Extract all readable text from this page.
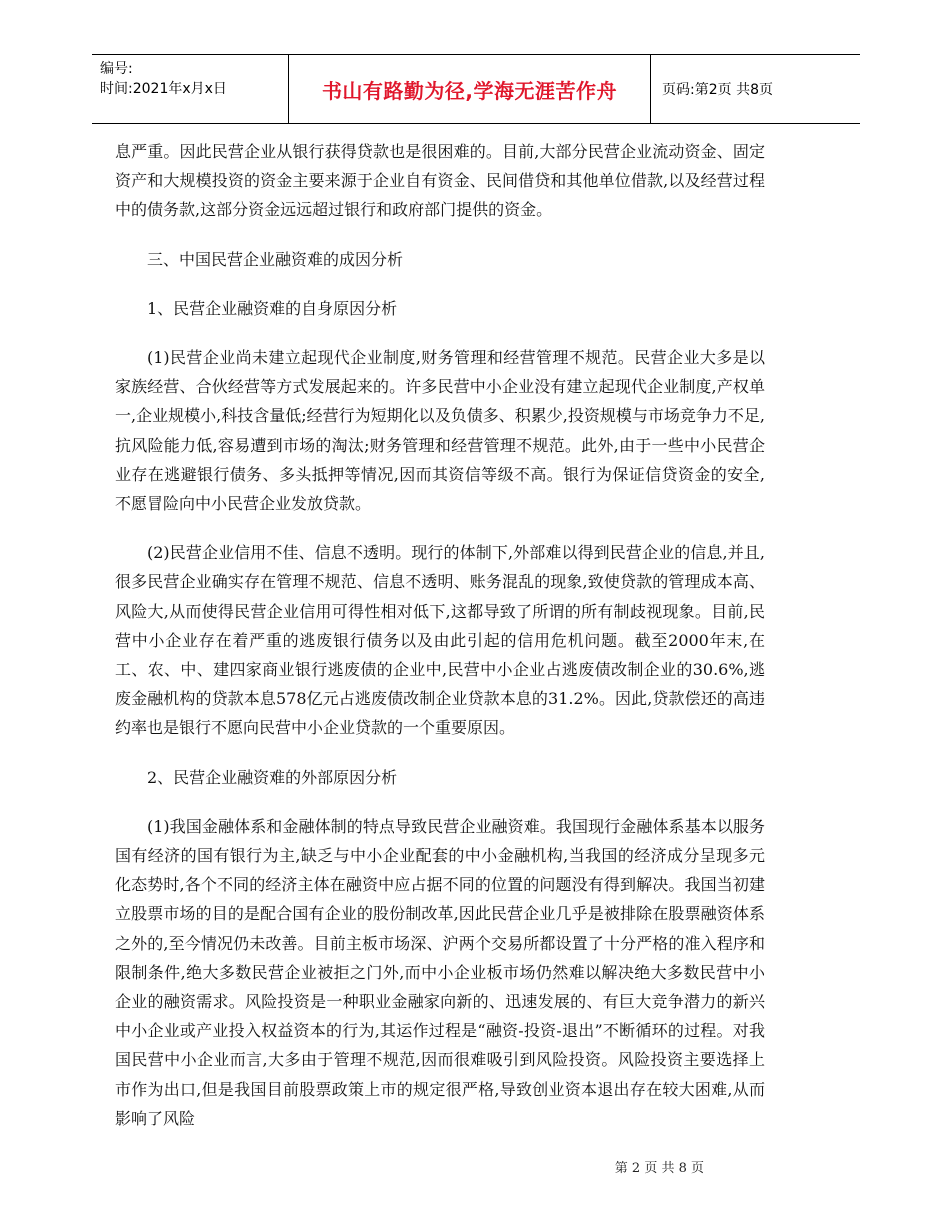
编号:
时间:2021年x月x日	书山有路勤为径,学海无涯苦作舟	页码:第2页 共8页

息严重。因此民营企业从银行获得贷款也是很困难的。目前,大部分民营企业流动资金、固定资产和大规模投资的资金主要来源于企业自有资金、民间借贷和其他单位借款,以及经营过程中的债务款,这部分资金远远超过银行和政府部门提供的资金。

三、中国民营企业融资难的成因分析

1、民营企业融资难的自身原因分析

(1)民营企业尚未建立起现代企业制度,财务管理和经营管理不规范。民营企业大多是以家族经营、合伙经营等方式发展起来的。许多民营中小企业没有建立起现代企业制度,产权单一,企业规模小,科技含量低;经营行为短期化以及负债多、积累少,投资规模与市场竞争力不足,抗风险能力低,容易遭到市场的淘汰;财务管理和经营管理不规范。此外,由于一些中小民营企业存在逃避银行债务、多头抵押等情况,因而其资信等级不高。银行为保证信贷资金的安全,不愿冒险向中小民营企业发放贷款。

(2)民营企业信用不佳、信息不透明。现行的体制下,外部难以得到民营企业的信息,并且,很多民营企业确实存在管理不规范、信息不透明、账务混乱的现象,致使贷款的管理成本高、风险大,从而使得民营企业信用可得性相对低下,这都导致了所谓的所有制歧视现象。目前,民营中小企业存在着严重的逃废银行债务以及由此引起的信用危机问题。截至2000年末,在工、农、中、建四家商业银行逃废债的企业中,民营中小企业占逃废债改制企业的30.6%,逃废金融机构的贷款本息578亿元占逃废债改制企业贷款本息的31.2%。因此,贷款偿还的高违约率也是银行不愿向民营中小企业贷款的一个重要原因。

2、民营企业融资难的外部原因分析

(1)我国金融体系和金融体制的特点导致民营企业融资难。我国现行金融体系基本以服务国有经济的国有银行为主,缺乏与中小企业配套的中小金融机构,当我国的经济成分呈现多元化态势时,各个不同的经济主体在融资中应占据不同的位置的问题没有得到解决。我国当初建立股票市场的目的是配合国有企业的股份制改革,因此民营企业几乎是被排除在股票融资体系之外的,至今情况仍未改善。目前主板市场深、沪两个交易所都设置了十分严格的准入程序和限制条件,绝大多数民营企业被拒之门外,而中小企业板市场仍然难以解决绝大多数民营中小企业的融资需求。风险投资是一种职业金融家向新的、迅速发展的、有巨大竞争潜力的新兴中小企业或产业投入权益资本的行为,其运作过程是“融资-投资-退出”不断循环的过程。对我国民营中小企业而言,大多由于管理不规范,因而很难吸引到风险投资。风险投资主要选择上市作为出口,但是我国目前股票政策上市的规定很严格,导致创业资本退出存在较大困难,从而影响了风险

第 2 页 共 8 页
